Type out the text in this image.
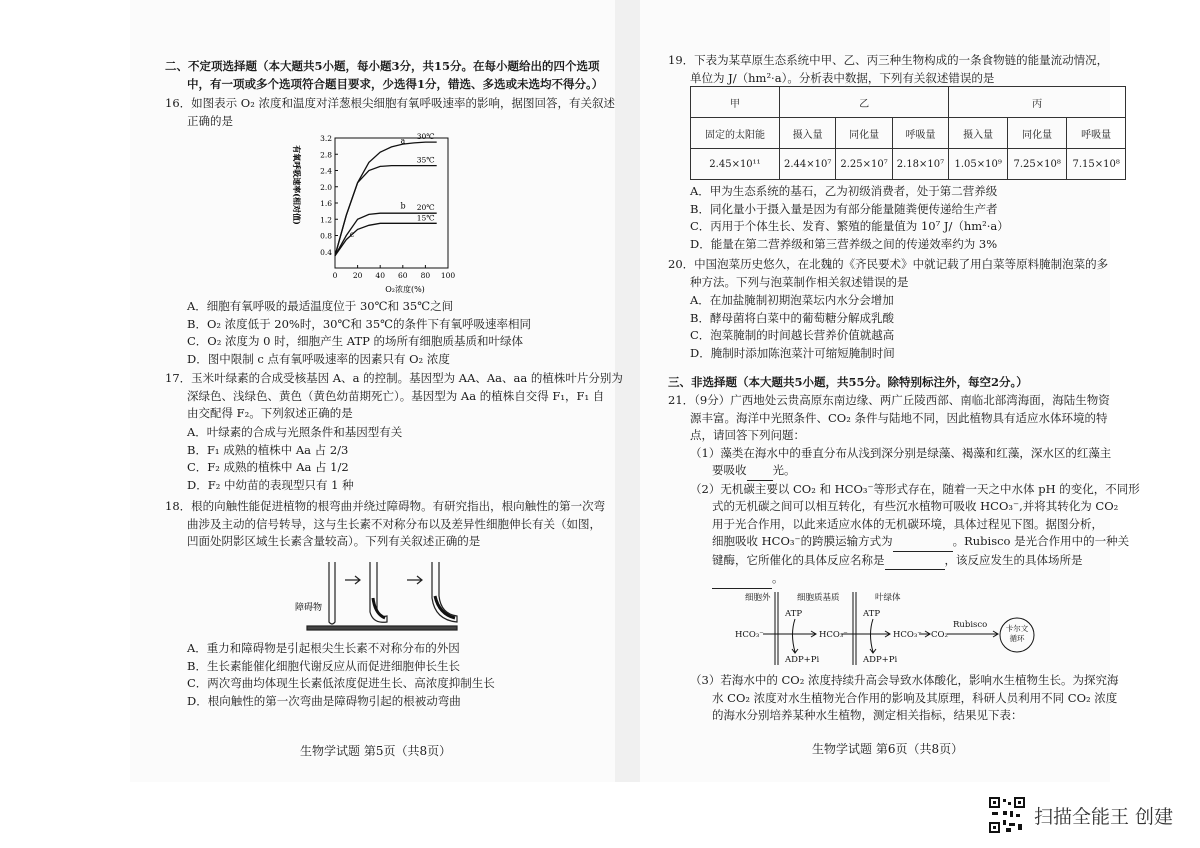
二、不定项选择题（本大题共5小题，每小题3分，共15分。在每小题给出的四个选项
中，有一项或多个选项符合题目要求，少选得1分，错选、多选或未选均不得分。）
16．如图表示 O₂ 浓度和温度对洋葱根尖细胞有氧呼吸速率的影响，据图回答，有关叙述
正确的是
0.4
0.8
1.2
1.6
2.0
2.4
2.8
3.2
0 20 40 60 80 100
30℃
35℃
20℃
15℃
a
b
c
有氧呼吸速率(相对值)
O₂浓度(%)
A．细胞有氧呼吸的最适温度位于 30℃和 35℃之间
B．O₂ 浓度低于 20%时，30℃和 35℃的条件下有氧呼吸速率相同
C．O₂ 浓度为 0 时，细胞产生 ATP 的场所有细胞质基质和叶绿体
D．图中限制 c 点有氧呼吸速率的因素只有 O₂ 浓度
17．玉米叶绿素的合成受核基因 A、a 的控制。基因型为 AA、Aa、aa 的植株叶片分别为
深绿色、浅绿色、黄色（黄色幼苗期死亡）。基因型为 Aa 的植株自交得 F₁，F₁ 自
由交配得 F₂。下列叙述正确的是
A．叶绿素的合成与光照条件和基因型有关
B．F₁ 成熟的植株中 Aa 占 2/3
C．F₂ 成熟的植株中 Aa 占 1/2
D．F₂ 中幼苗的表现型只有 1 种
18．根的向触性能促进植物的根弯曲并绕过障碍物。有研究指出，根向触性的第一次弯
曲涉及主动的信号转导，这与生长素不对称分布以及差异性细胞伸长有关（如图，
凹面处阴影区域生长素含量较高）。下列有关叙述正确的是
障碍物
A．重力和障碍物是引起根尖生长素不对称分布的外因
B．生长素能催化细胞代谢反应从而促进细胞伸长生长
C．两次弯曲均体现生长素低浓度促进生长、高浓度抑制生长
D．根向触性的第一次弯曲是障碍物引起的根被动弯曲
生物学试题 第5页（共8页）
19．下表为某草原生态系统中甲、乙、丙三种生物构成的一条食物链的能量流动情况，
单位为 J/（hm²·a）。分析表中数据，下列有关叙述错误的是
甲	乙			丙		
固定的太阳能	摄入量	同化量	呼吸量	摄入量	同化量	呼吸量
2.45×10¹¹	2.44×10⁷	2.25×10⁷	2.18×10⁷	1.05×10⁹	7.25×10⁸	7.15×10⁸
A．甲为生态系统的基石，乙为初级消费者，处于第二营养级
B．同化量小于摄入量是因为有部分能量随粪便传递给生产者
C．丙用于个体生长、发育、繁殖的能量值为 10⁷ J/（hm²·a）
D．能量在第二营养级和第三营养级之间的传递效率约为 3%
20．中国泡菜历史悠久，在北魏的《齐民要术》中就记载了用白菜等原料腌制泡菜的多
种方法。下列与泡菜制作相关叙述错误的是
A．在加盐腌制初期泡菜坛内水分会增加
B．酵母菌将白菜中的葡萄糖分解成乳酸
C．泡菜腌制的时间越长营养价值就越高
D．腌制时添加陈泡菜汁可缩短腌制时间
三、非选择题（本大题共5小题，共55分。除特别标注外，每空2分。）
21．（9分）广西地处云贵高原东南边缘、两广丘陵西部、南临北部湾海面，海陆生物资
源丰富。海洋中光照条件、CO₂ 条件与陆地不同，因此植物具有适应水体环境的特
点，请回答下列问题：
（1）藻类在海水中的垂直分布从浅到深分别是绿藻、褐藻和红藻，深水区的红藻主
要吸收 光。
（2）无机碳主要以 CO₂ 和 HCO₃⁻等形式存在，随着一天之中水体 pH 的变化，不同形
式的无机碳之间可以相互转化，有些沉水植物可吸收 HCO₃⁻,并将其转化为 CO₂
用于光合作用，以此来适应水体的无机碳环境，具体过程见下图。据图分析，
细胞吸收 HCO₃⁻的跨膜运输方式为	。Rubisco 是光合作用中的一种关
键酶，它所催化的具体反应名称是	，该反应发生的具体场所是
。
细胞外	细胞质基质	叶绿体
HCO₃⁻	HCO₃⁻	HCO₃⁻
ATP	ATP
ADP+Pi	ADP+Pi
CO₂
Rubisco 卡尔文
循环
（3）若海水中的 CO₂ 浓度持续升高会导致水体酸化，影响水生植物生长。为探究海
水 CO₂ 浓度对水生植物光合作用的影响及其原理，科研人员利用不同 CO₂ 浓度
的海水分别培养某种水生植物，测定相关指标，结果见下表：
生物学试题 第6页（共8页）
扫描全能王 创建
